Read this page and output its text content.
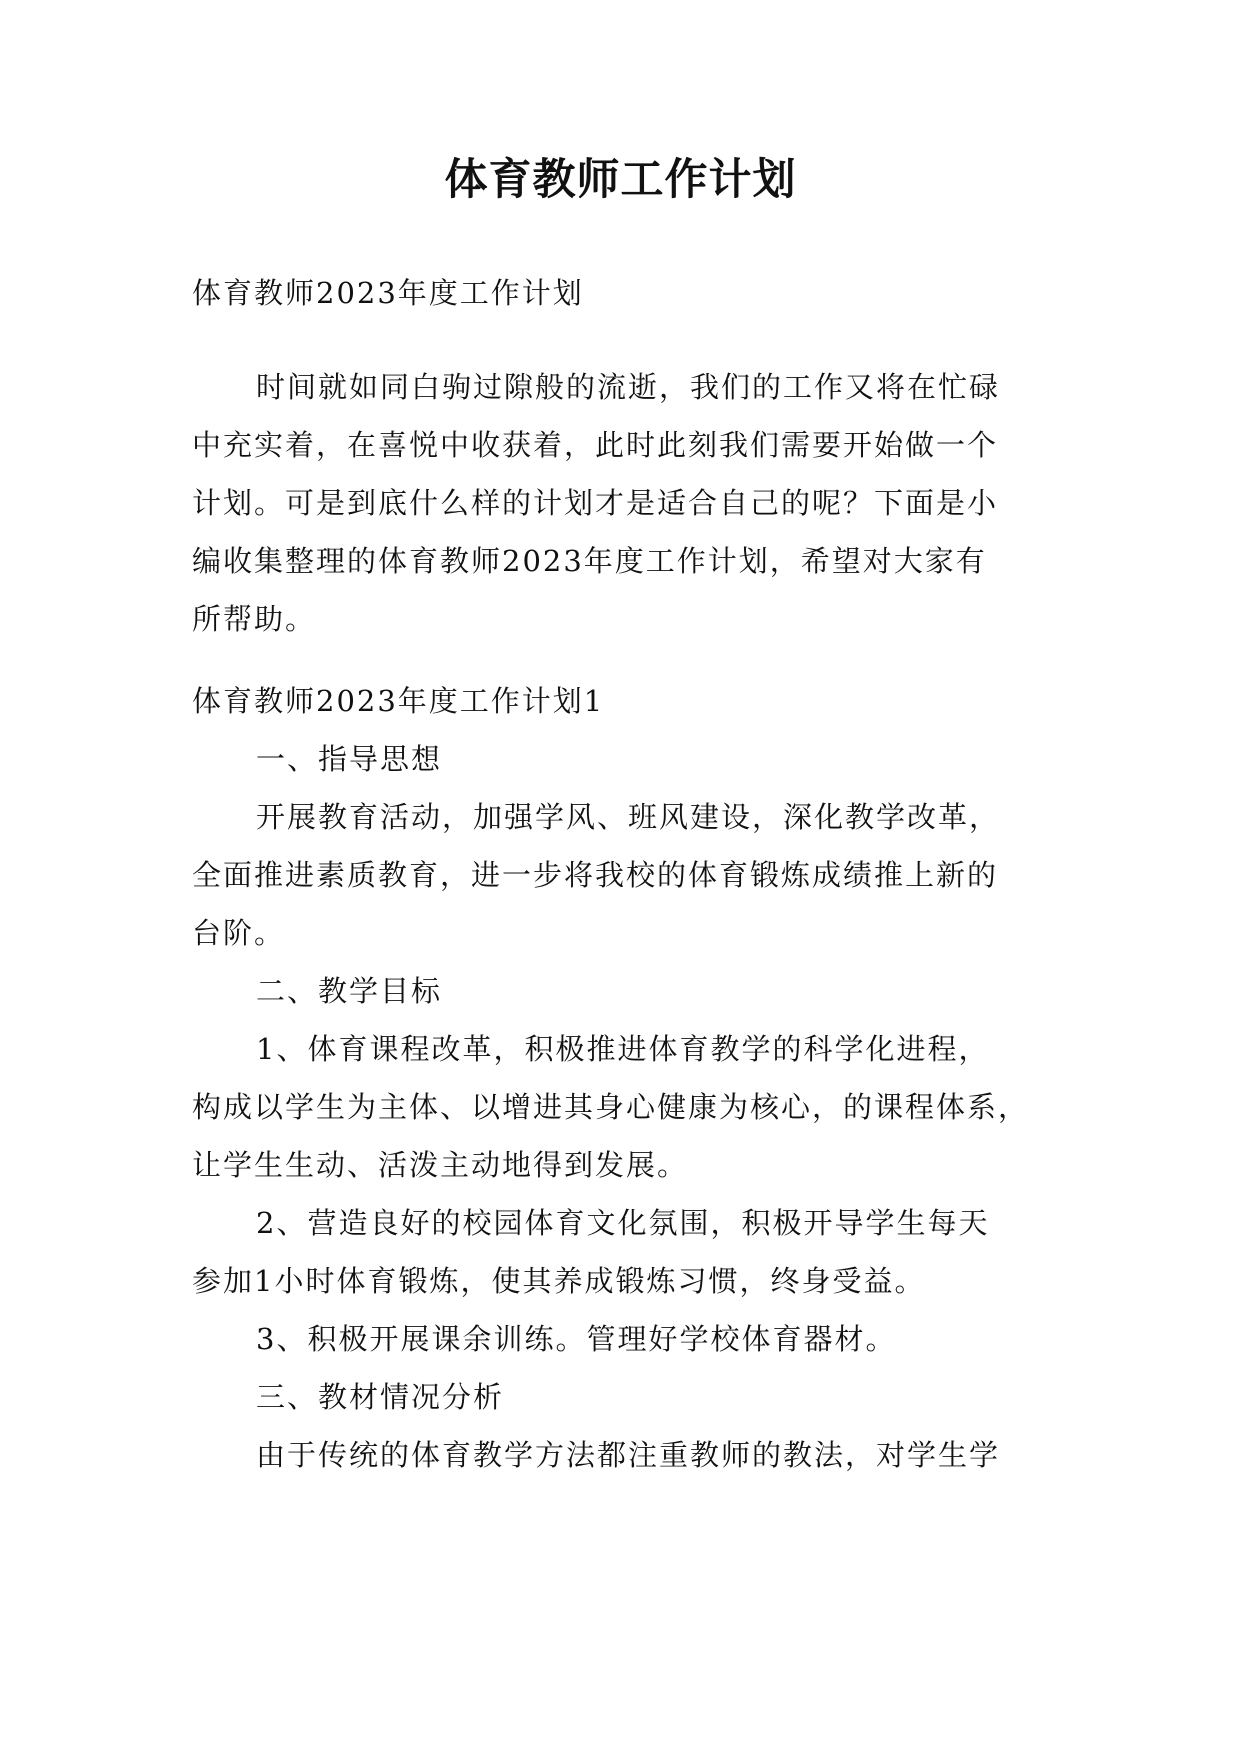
体育教师工作计划

体育教师2023年度工作计划

时间就如同白驹过隙般的流逝，我们的工作又将在忙碌
中充实着，在喜悦中收获着，此时此刻我们需要开始做一个
计划。可是到底什么样的计划才是适合自己的呢？下面是小
编收集整理的体育教师2023年度工作计划，希望对大家有
所帮助。

体育教师2023年度工作计划1

一、指导思想
开展教育活动，加强学风、班风建设，深化教学改革，
全面推进素质教育，进一步将我校的体育锻炼成绩推上新的
台阶。
二、教学目标
1、体育课程改革，积极推进体育教学的科学化进程，
构成以学生为主体、以增进其身心健康为核心，的课程体系，
让学生生动、活泼主动地得到发展。
2、营造良好的校园体育文化氛围，积极开导学生每天
参加1小时体育锻炼，使其养成锻炼习惯，终身受益。
3、积极开展课余训练。管理好学校体育器材。
三、教材情况分析
由于传统的体育教学方法都注重教师的教法，对学生学
